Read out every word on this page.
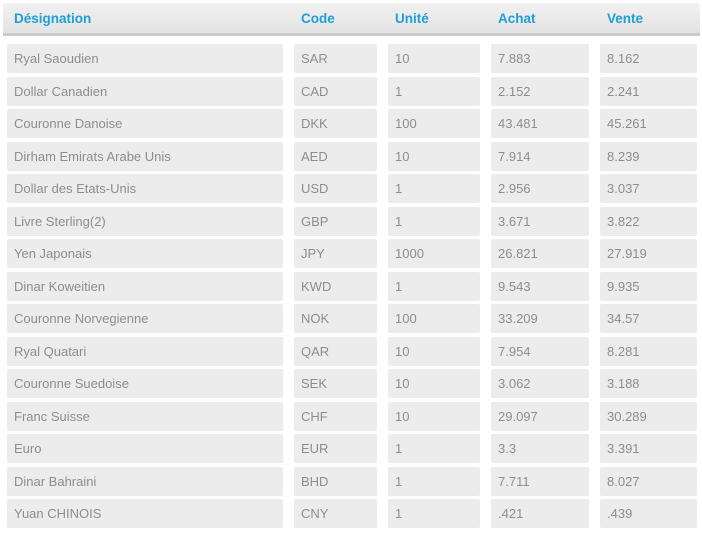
Désignation	Code	Unité	Achat	Vente
Ryal Saoudien	SAR	10	7.883	8.162
Dollar Canadien	CAD	1	2.152	2.241
Couronne Danoise	DKK	100	43.481	45.261
Dirham Emirats Arabe Unis	AED	10	7.914	8.239
Dollar des Etats-Unis	USD	1	2.956	3.037
Livre Sterling(2)	GBP	1	3.671	3.822
Yen Japonais	JPY	1000	26.821	27.919
Dinar Koweitien	KWD	1	9.543	9.935
Couronne Norvegienne	NOK	100	33.209	34.57
Ryal Quatari	QAR	10	7.954	8.281
Couronne Suedoise	SEK	10	3.062	3.188
Franc Suisse	CHF	10	29.097	30.289
Euro	EUR	1	3.3	3.391
Dinar Bahraini	BHD	1	7.711	8.027
Yuan CHINOIS	CNY	1	.421	.439
